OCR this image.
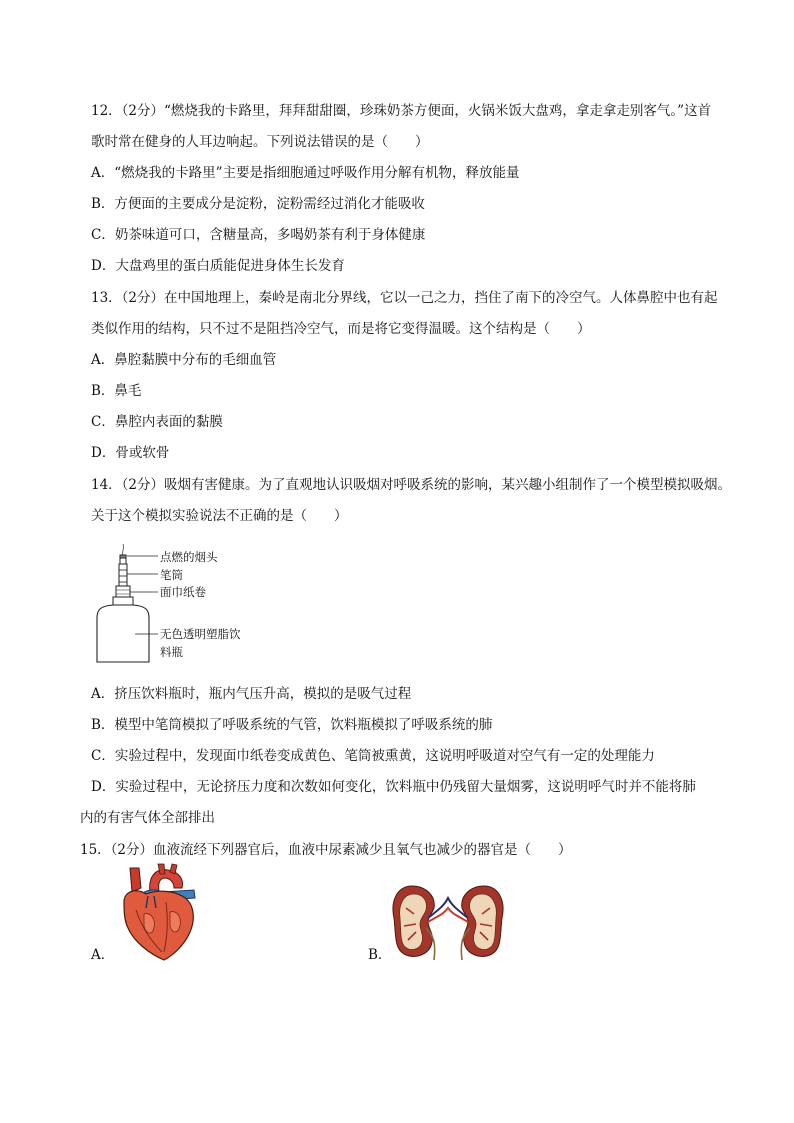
12．（2分）“燃烧我的卡路里，拜拜甜甜圈，珍珠奶茶方便面，火锅米饭大盘鸡，拿走拿走别客气。”这首
歌时常在健身的人耳边响起。下列说法错误的是（　　）
A．“燃烧我的卡路里”主要是指细胞通过呼吸作用分解有机物，释放能量
B．方便面的主要成分是淀粉，淀粉需经过消化才能吸收
C．奶茶味道可口，含糖量高，多喝奶茶有利于身体健康
D．大盘鸡里的蛋白质能促进身体生长发育
13．（2分）在中国地理上，秦岭是南北分界线，它以一己之力，挡住了南下的冷空气。人体鼻腔中也有起
类似作用的结构，只不过不是阻挡冷空气，而是将它变得温暖。这个结构是（　　）
A．鼻腔黏膜中分布的毛细血管
B．鼻毛
C．鼻腔内表面的黏膜
D．骨或软骨
14．（2分）吸烟有害健康。为了直观地认识吸烟对呼吸系统的影响，某兴趣小组制作了一个模型模拟吸烟。
关于这个模拟实验说法不正确的是（　　）
点燃的烟头
笔筒
面巾纸卷
无色透明塑脂饮
料瓶
A．挤压饮料瓶时，瓶内气压升高，模拟的是吸气过程
B．模型中笔筒模拟了呼吸系统的气管，饮料瓶模拟了呼吸系统的肺
C．实验过程中，发现面巾纸卷变成黄色、笔筒被熏黄，这说明呼吸道对空气有一定的处理能力
D．实验过程中，无论挤压力度和次数如何变化，饮料瓶中仍残留大量烟雾，这说明呼气时并不能将肺
内的有害气体全部排出
15．（2分）血液流经下列器官后，血液中尿素减少且氧气也减少的器官是（　　）
A．	B．
